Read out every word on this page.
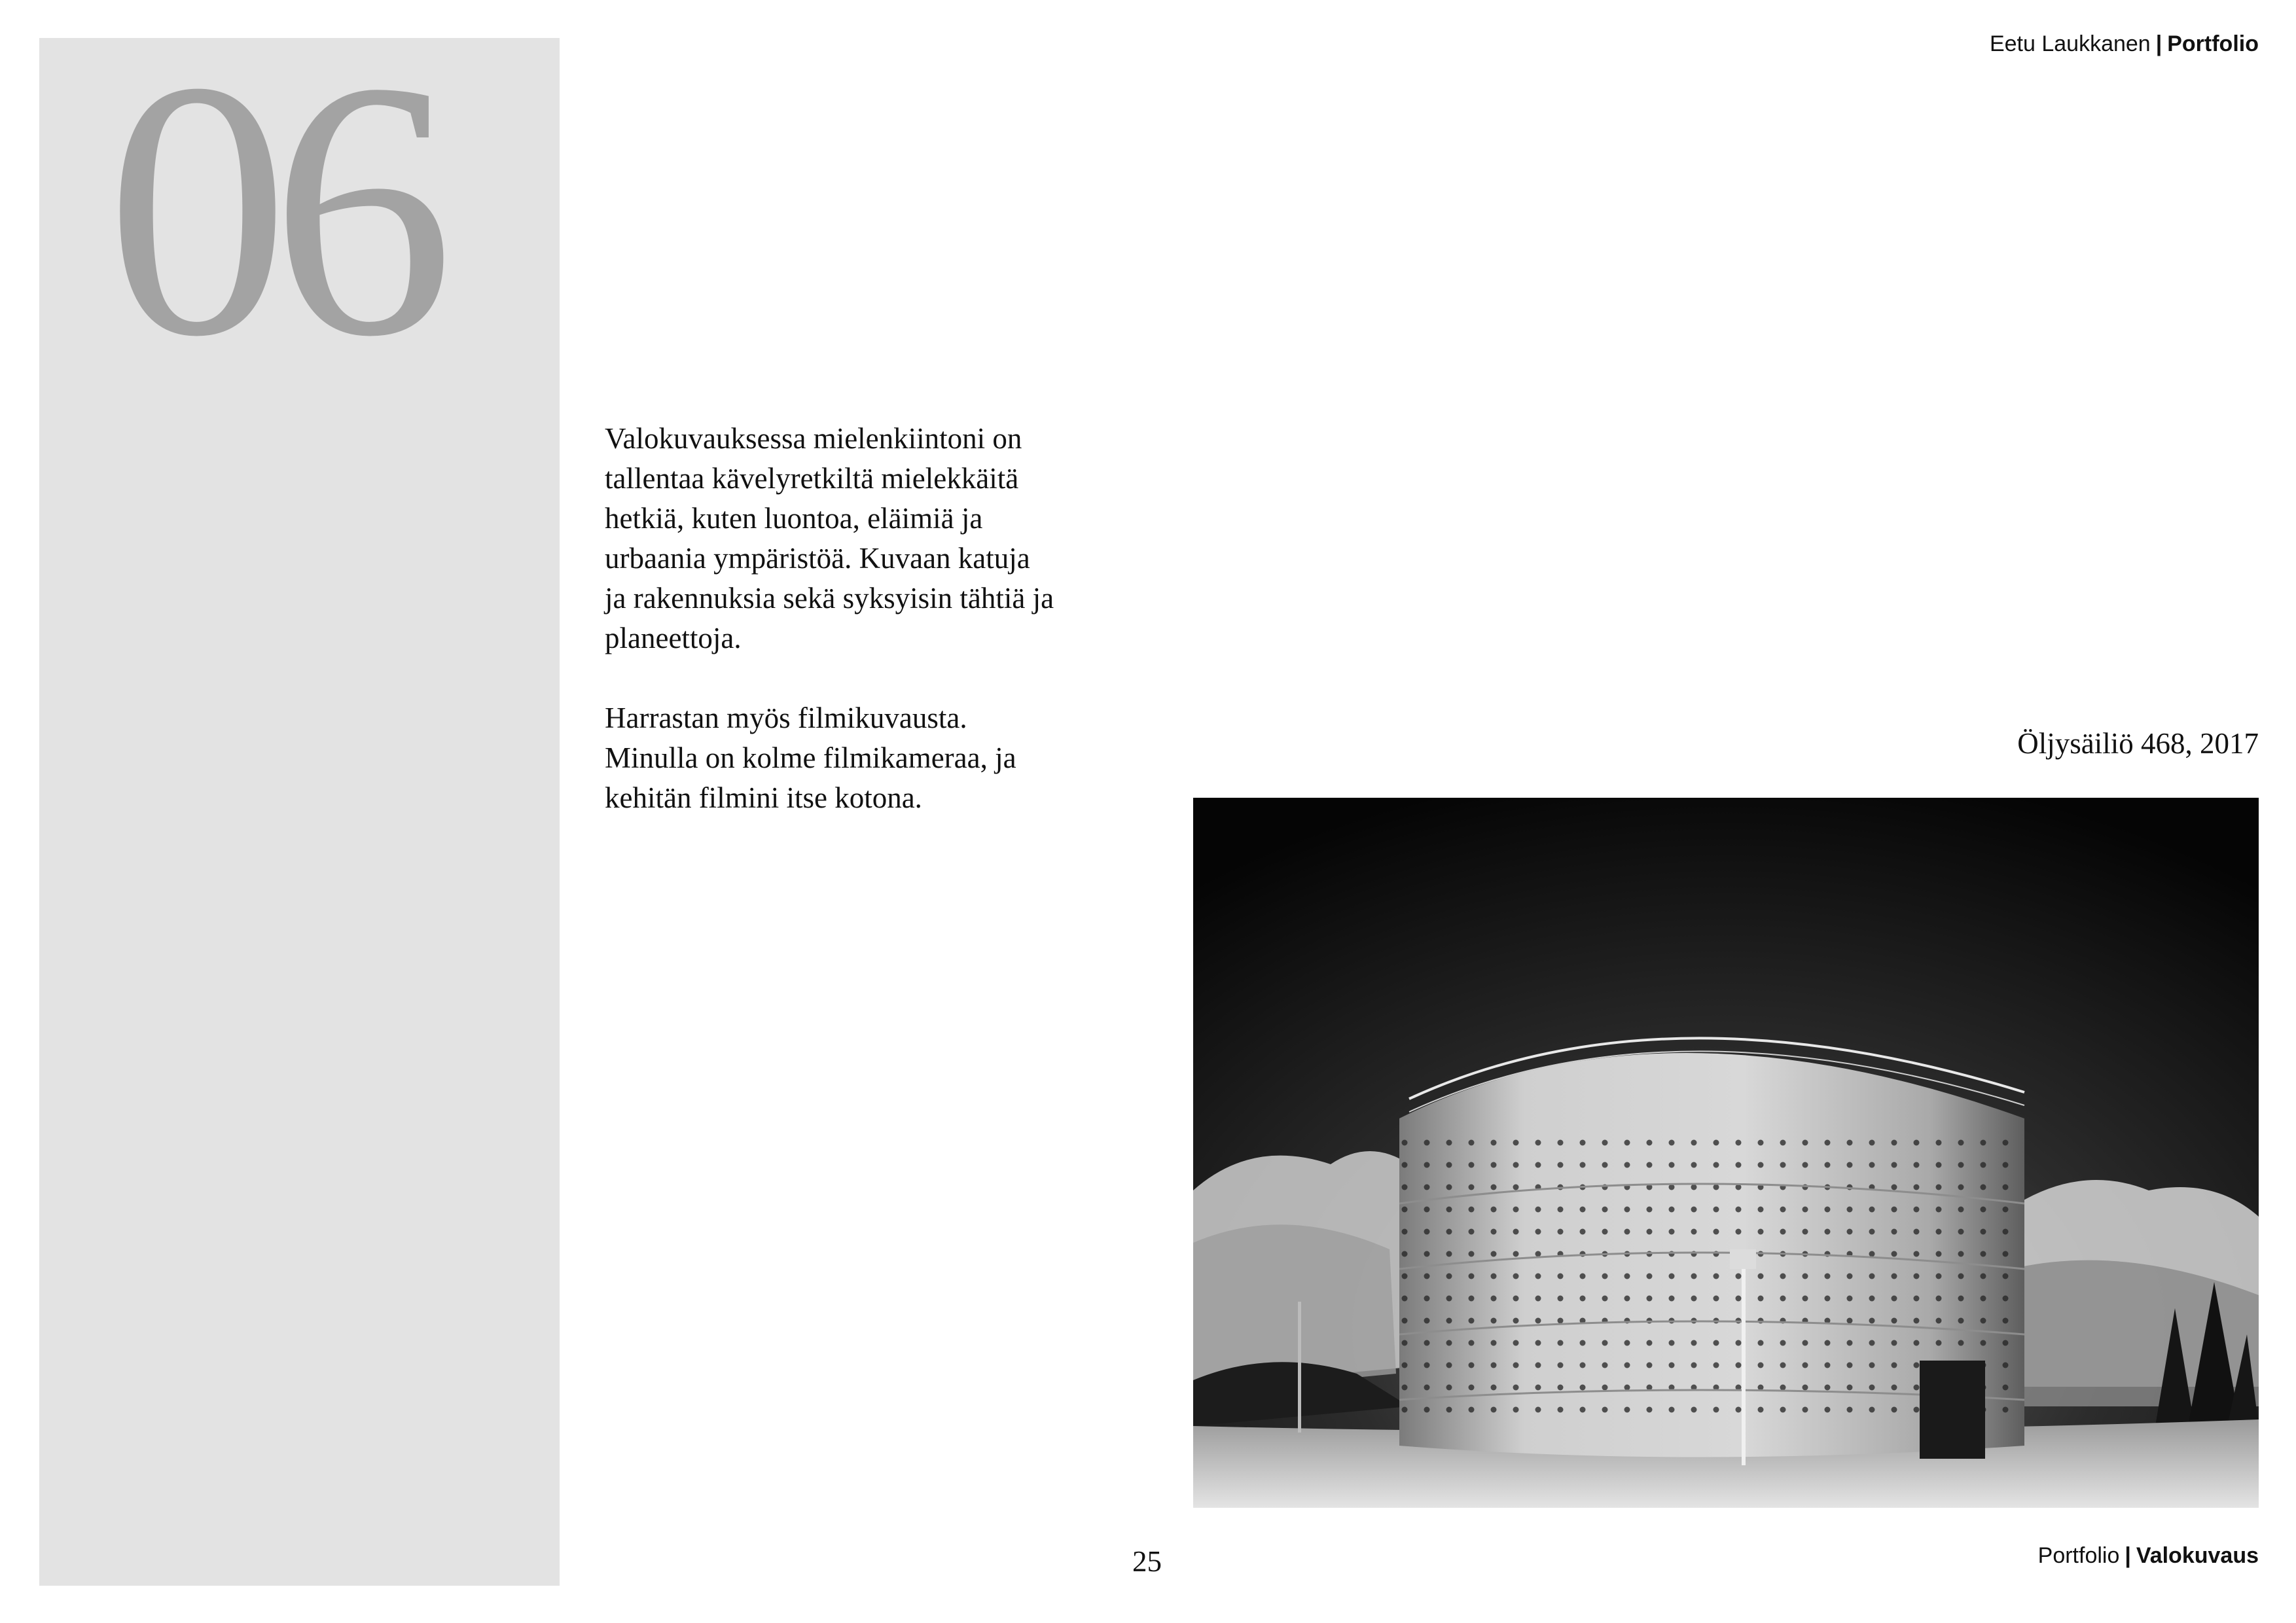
06	Eetu Laukkanen | Portfolio

Valokuvauksessa mielenkiintoni on
tallentaa kävelyretkiltä mielekkäitä
hetkiä, kuten luontoa, eläimiä ja
urbaania ympäristöä. Kuvaan katuja
ja rakennuksia sekä syksyisin tähtiä ja
planeettoja.

Harrastan myös filmikuvausta.
Minulla on kolme filmikameraa, ja
kehitän filmini itse kotona.

Öljysäiliö 468, 2017
25	Portfolio | Valokuvaus
